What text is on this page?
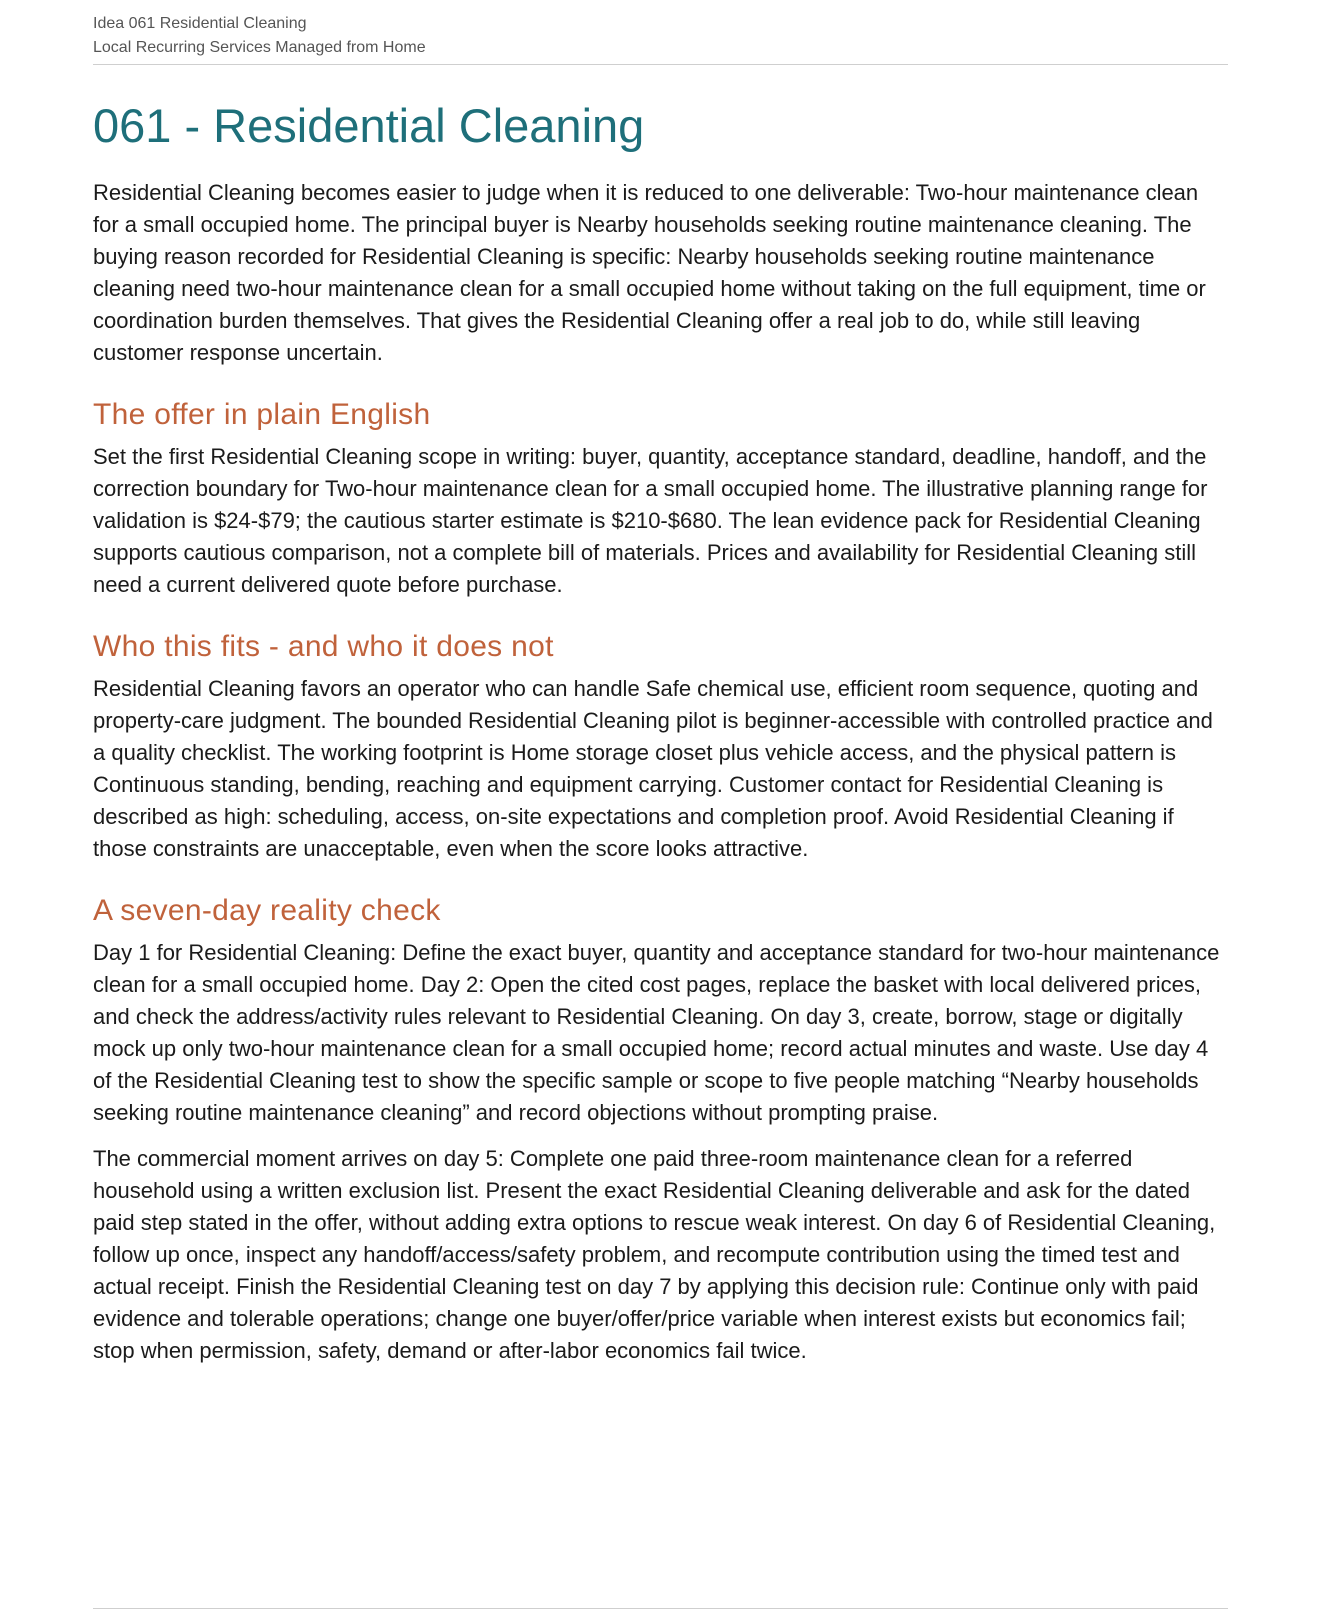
Idea 061 Residential Cleaning
Local Recurring Services Managed from Home
061 - Residential Cleaning

Residential Cleaning becomes easier to judge when it is reduced to one deliverable: Two-hour maintenance clean for a small occupied home. The principal buyer is Nearby households seeking routine maintenance cleaning. The buying reason recorded for Residential Cleaning is specific: Nearby households seeking routine maintenance cleaning need two-hour maintenance clean for a small occupied home without taking on the full equipment, time or coordination burden themselves. That gives the Residential Cleaning offer a real job to do, while still leaving customer response uncertain.

The offer in plain English

Set the first Residential Cleaning scope in writing: buyer, quantity, acceptance standard, deadline, handoff, and the correction boundary for Two-hour maintenance clean for a small occupied home. The illustrative planning range for validation is $24-$79; the cautious starter estimate is $210-$680. The lean evidence pack for Residential Cleaning supports cautious comparison, not a complete bill of materials. Prices and availability for Residential Cleaning still need a current delivered quote before purchase.

Who this fits - and who it does not

Residential Cleaning favors an operator who can handle Safe chemical use, efficient room sequence, quoting and property-care judgment. The bounded Residential Cleaning pilot is beginner-accessible with controlled practice and a quality checklist. The working footprint is Home storage closet plus vehicle access, and the physical pattern is Continuous standing, bending, reaching and equipment carrying. Customer contact for Residential Cleaning is described as high: scheduling, access, on-site expectations and completion proof. Avoid Residential Cleaning if those constraints are unacceptable, even when the score looks attractive.

A seven-day reality check

Day 1 for Residential Cleaning: Define the exact buyer, quantity and acceptance standard for two-hour maintenance clean for a small occupied home. Day 2: Open the cited cost pages, replace the basket with local delivered prices, and check the address/activity rules relevant to Residential Cleaning. On day 3, create, borrow, stage or digitally mock up only two-hour maintenance clean for a small occupied home; record actual minutes and waste. Use day 4 of the Residential Cleaning test to show the specific sample or scope to five people matching “Nearby households seeking routine maintenance cleaning” and record objections without prompting praise.

The commercial moment arrives on day 5: Complete one paid three-room maintenance clean for a referred household using a written exclusion list. Present the exact Residential Cleaning deliverable and ask for the dated paid step stated in the offer, without adding extra options to rescue weak interest. On day 6 of Residential Cleaning, follow up once, inspect any handoff/access/safety problem, and recompute contribution using the timed test and actual receipt. Finish the Residential Cleaning test on day 7 by applying this decision rule: Continue only with paid evidence and tolerable operations; change one buyer/offer/price variable when interest exists but economics fail; stop when permission, safety, demand or after-labor economics fail twice.
